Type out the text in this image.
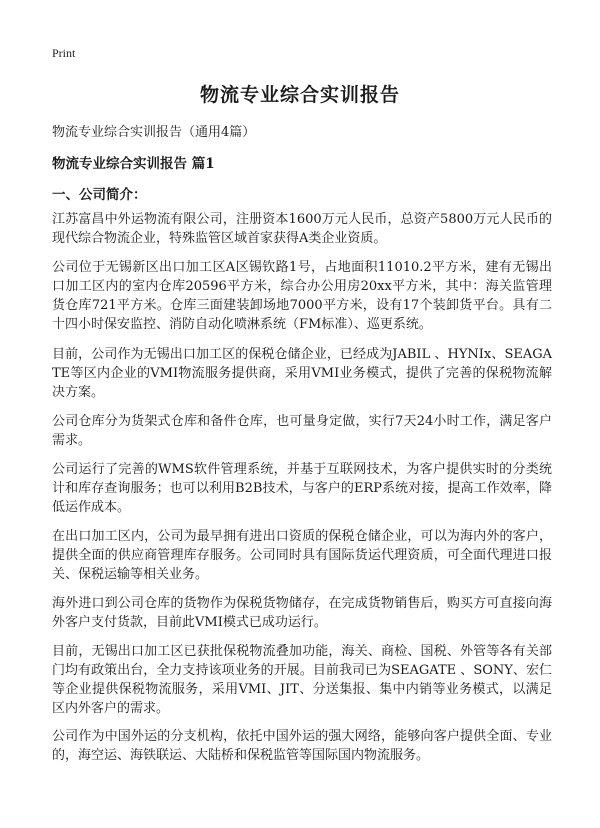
Print
物流专业综合实训报告
物流专业综合实训报告（通用4篇）
物流专业综合实训报告 篇1
一、公司简介：

江苏富昌中外运物流有限公司，注册资本1600万元人民币，总资产5800万元人民币的现代综合物流企业，特殊监管区域首家获得A类企业资质。

公司位于无锡新区出口加工区A区锡钦路1号，占地面积11010.2平方米，建有无锡出口加工区内的室内仓库20596平方米，综合办公用房20xx平方米，其中：海关监管理货仓库721平方米。仓库三面建装卸场地7000平方米，设有17个装卸货平台。具有二十四小时保安监控、消防自动化喷淋系统（FM标准）、巡更系统。

目前，公司作为无锡出口加工区的保税仓储企业，已经成为JABIL 、HYNIx、SEAGATE等区内企业的VMI物流服务提供商，采用VMI业务模式，提供了完善的保税物流解决方案。

公司仓库分为货架式仓库和备件仓库，也可量身定做，实行7天24小时工作，满足客户需求。

公司运行了完善的WMS软件管理系统，并基于互联网技术，为客户提供实时的分类统计和库存查询服务；也可以利用B2B技术，与客户的ERP系统对接，提高工作效率，降低运作成本。

在出口加工区内，公司为最早拥有进出口资质的保税仓储企业，可以为海内外的客户，提供全面的供应商管理库存服务。公司同时具有国际货运代理资质，可全面代理进口报关、保税运输等相关业务。

海外进口到公司仓库的货物作为保税货物储存，在完成货物销售后，购买方可直接向海外客户支付货款，目前此VMI模式已成功运行。

目前，无锡出口加工区已获批保税物流叠加功能，海关、商检、国税、外管等各有关部门均有政策出台，全力支持该项业务的开展。目前我司已为SEAGATE 、SONY、宏仁等企业提供保税物流服务，采用VMI、JIT、分送集报、集中内销等业务模式，以满足区内外客户的需求。

公司作为中国外运的分支机构，依托中国外运的强大网络，能够向客户提供全面、专业的，海空运、海铁联运、大陆桥和保税监管等国际国内物流服务。
